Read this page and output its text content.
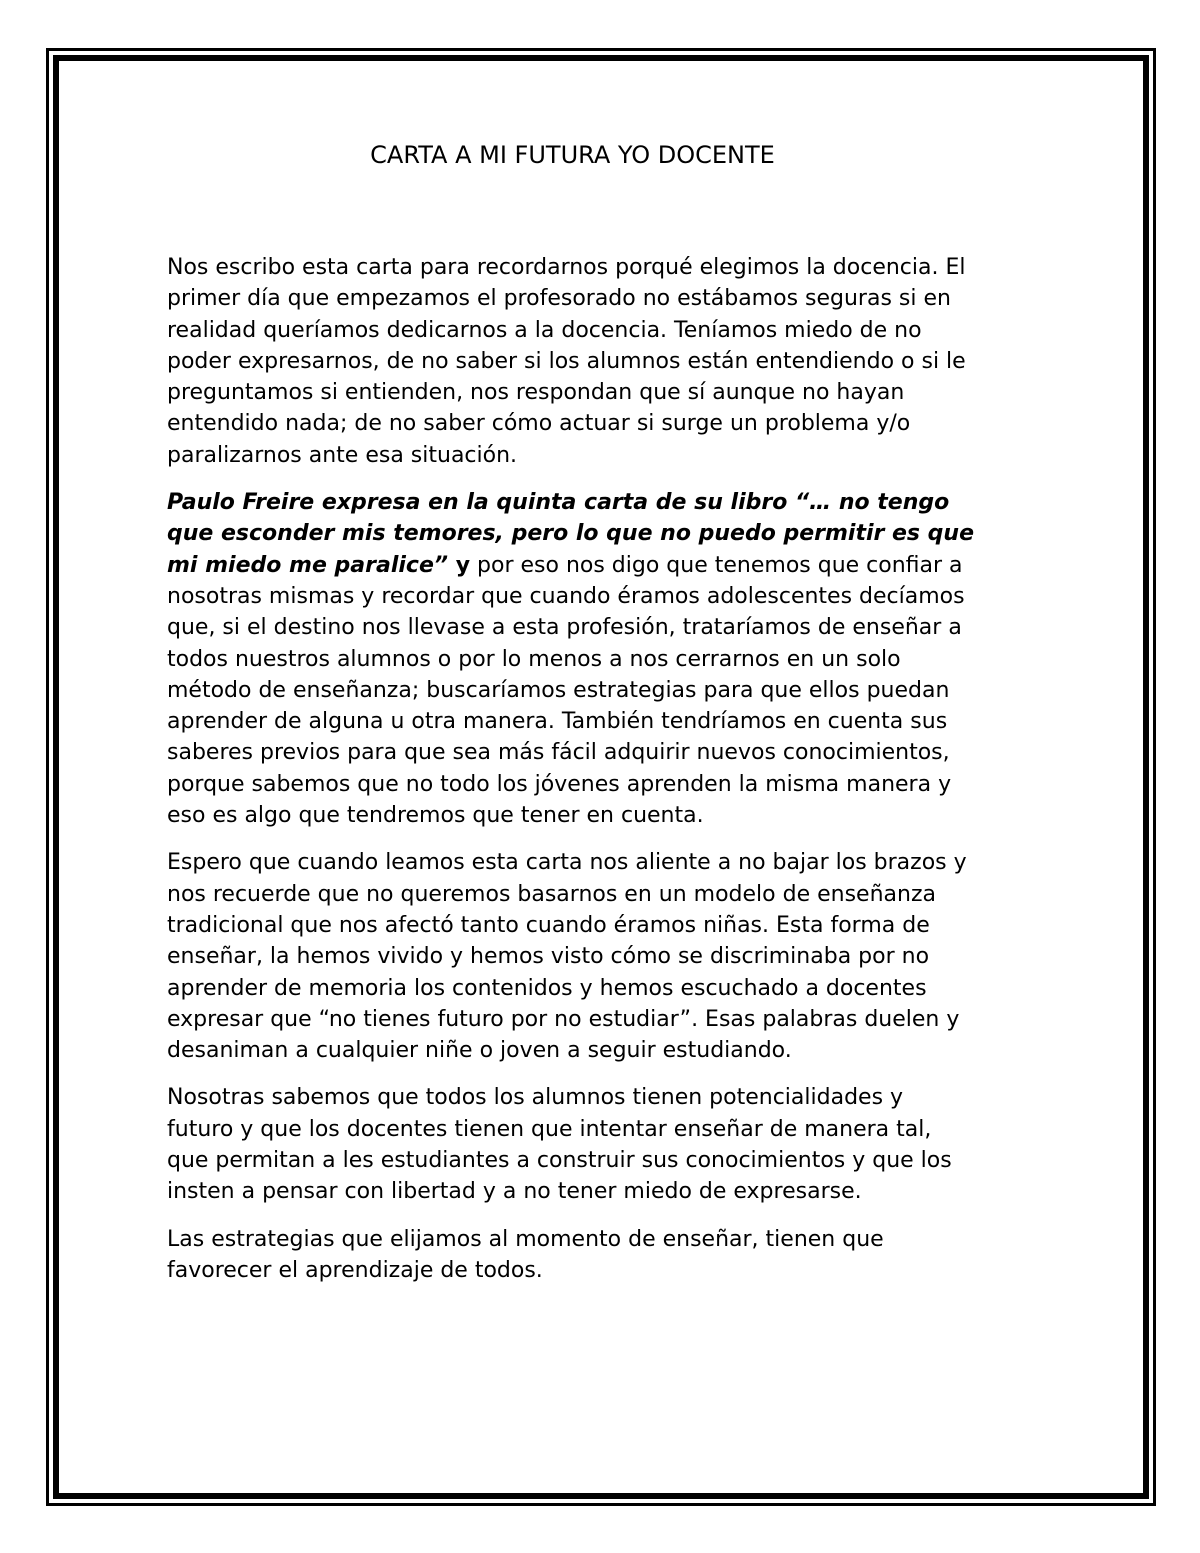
CARTA A MI FUTURA YO DOCENTE

Nos escribo esta carta para recordarnos porqué elegimos la docencia. El
primer día que empezamos el profesorado no estábamos seguras si en
realidad queríamos dedicarnos a la docencia. Teníamos miedo de no
poder expresarnos, de no saber si los alumnos están entendiendo o si le
preguntamos si entienden, nos respondan que sí aunque no hayan
entendido nada; de no saber cómo actuar si surge un problema y/o
paralizarnos ante esa situación.

Paulo Freire expresa en la quinta carta de su libro “… no tengo
que esconder mis temores, pero lo que no puedo permitir es que
mi miedo me paralice” y por eso nos digo que tenemos que confiar a
nosotras mismas y recordar que cuando éramos adolescentes decíamos
que, si el destino nos llevase a esta profesión, trataríamos de enseñar a
todos nuestros alumnos o por lo menos a nos cerrarnos en un solo
método de enseñanza; buscaríamos estrategias para que ellos puedan
aprender de alguna u otra manera. También tendríamos en cuenta sus
saberes previos para que sea más fácil adquirir nuevos conocimientos,
porque sabemos que no todo los jóvenes aprenden la misma manera y
eso es algo que tendremos que tener en cuenta.

Espero que cuando leamos esta carta nos aliente a no bajar los brazos y
nos recuerde que no queremos basarnos en un modelo de enseñanza
tradicional que nos afectó tanto cuando éramos niñas. Esta forma de
enseñar, la hemos vivido y hemos visto cómo se discriminaba por no
aprender de memoria los contenidos y hemos escuchado a docentes
expresar que “no tienes futuro por no estudiar”. Esas palabras duelen y
desaniman a cualquier niñe o joven a seguir estudiando.

Nosotras sabemos que todos los alumnos tienen potencialidades y
futuro y que los docentes tienen que intentar enseñar de manera tal,
que permitan a les estudiantes a construir sus conocimientos y que los
insten a pensar con libertad y a no tener miedo de expresarse.

Las estrategias que elijamos al momento de enseñar, tienen que
favorecer el aprendizaje de todos.
